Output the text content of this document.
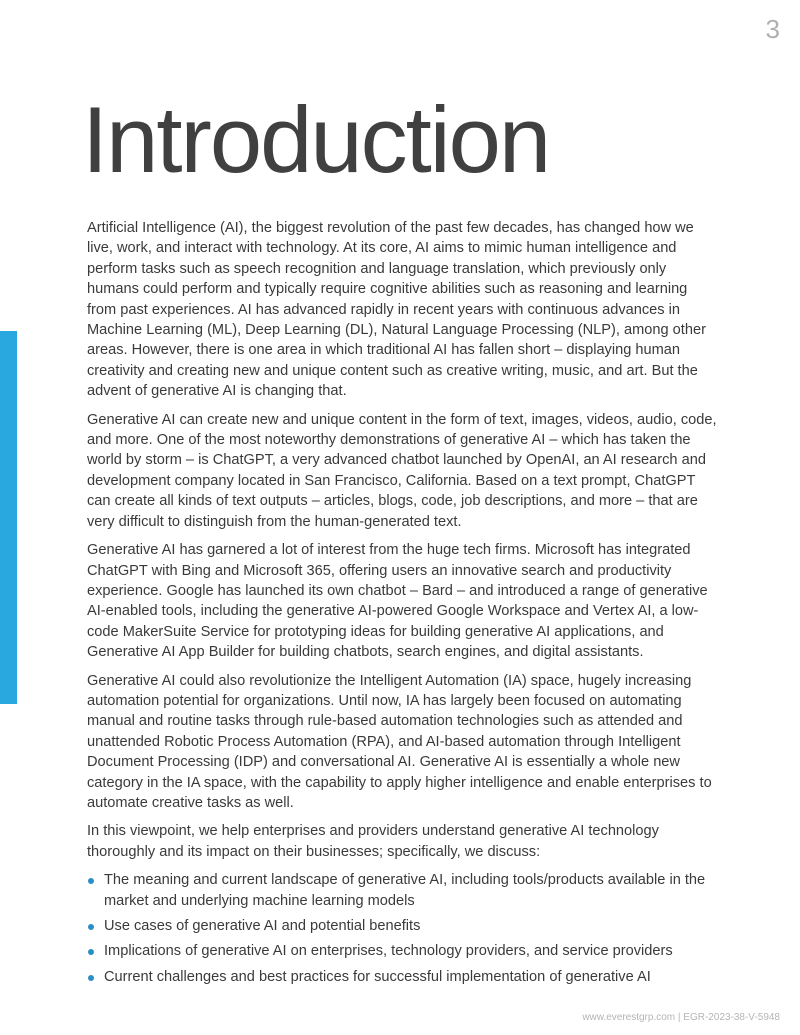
3
Introduction

Artificial Intelligence (AI), the biggest revolution of the past few decades, has changed how we live, work, and interact with technology. At its core, AI aims to mimic human intelligence and perform tasks such as speech recognition and language translation, which previously only humans could perform and typically require cognitive abilities such as reasoning and learning from past experiences. AI has advanced rapidly in recent years with continuous advances in Machine Learning (ML), Deep Learning (DL), Natural Language Processing (NLP), among other areas. However, there is one area in which traditional AI has fallen short – displaying human creativity and creating new and unique content such as creative writing, music, and art. But the advent of generative AI is changing that.

Generative AI can create new and unique content in the form of text, images, videos, audio, code, and more. One of the most noteworthy demonstrations of generative AI – which has taken the world by storm – is ChatGPT, a very advanced chatbot launched by OpenAI, an AI research and development company located in San Francisco, California. Based on a text prompt, ChatGPT can create all kinds of text outputs – articles, blogs, code, job descriptions, and more – that are very difficult to distinguish from the human-generated text.

Generative AI has garnered a lot of interest from the huge tech firms. Microsoft has integrated ChatGPT with Bing and Microsoft 365, offering users an innovative search and productivity experience. Google has launched its own chatbot – Bard – and introduced a range of generative AI-enabled tools, including the generative AI-powered Google Workspace and Vertex AI, a low-code MakerSuite Service for prototyping ideas for building generative AI applications, and Generative AI App Builder for building chatbots, search engines, and digital assistants.

Generative AI could also revolutionize the Intelligent Automation (IA) space, hugely increasing automation potential for organizations. Until now, IA has largely been focused on automating manual and routine tasks through rule-based automation technologies such as attended and unattended Robotic Process Automation (RPA), and AI-based automation through Intelligent Document Processing (IDP) and conversational AI. Generative AI is essentially a whole new category in the IA space, with the capability to apply higher intelligence and enable enterprises to automate creative tasks as well.

In this viewpoint, we help enterprises and providers understand generative AI technology thoroughly and its impact on their businesses; specifically, we discuss:

The meaning and current landscape of generative AI, including tools/products available in the market and underlying machine learning models
Use cases of generative AI and potential benefits
Implications of generative AI on enterprises, technology providers, and service providers
Current challenges and best practices for successful implementation of generative AI
www.everestgrp.com | EGR-2023-38-V-5948
